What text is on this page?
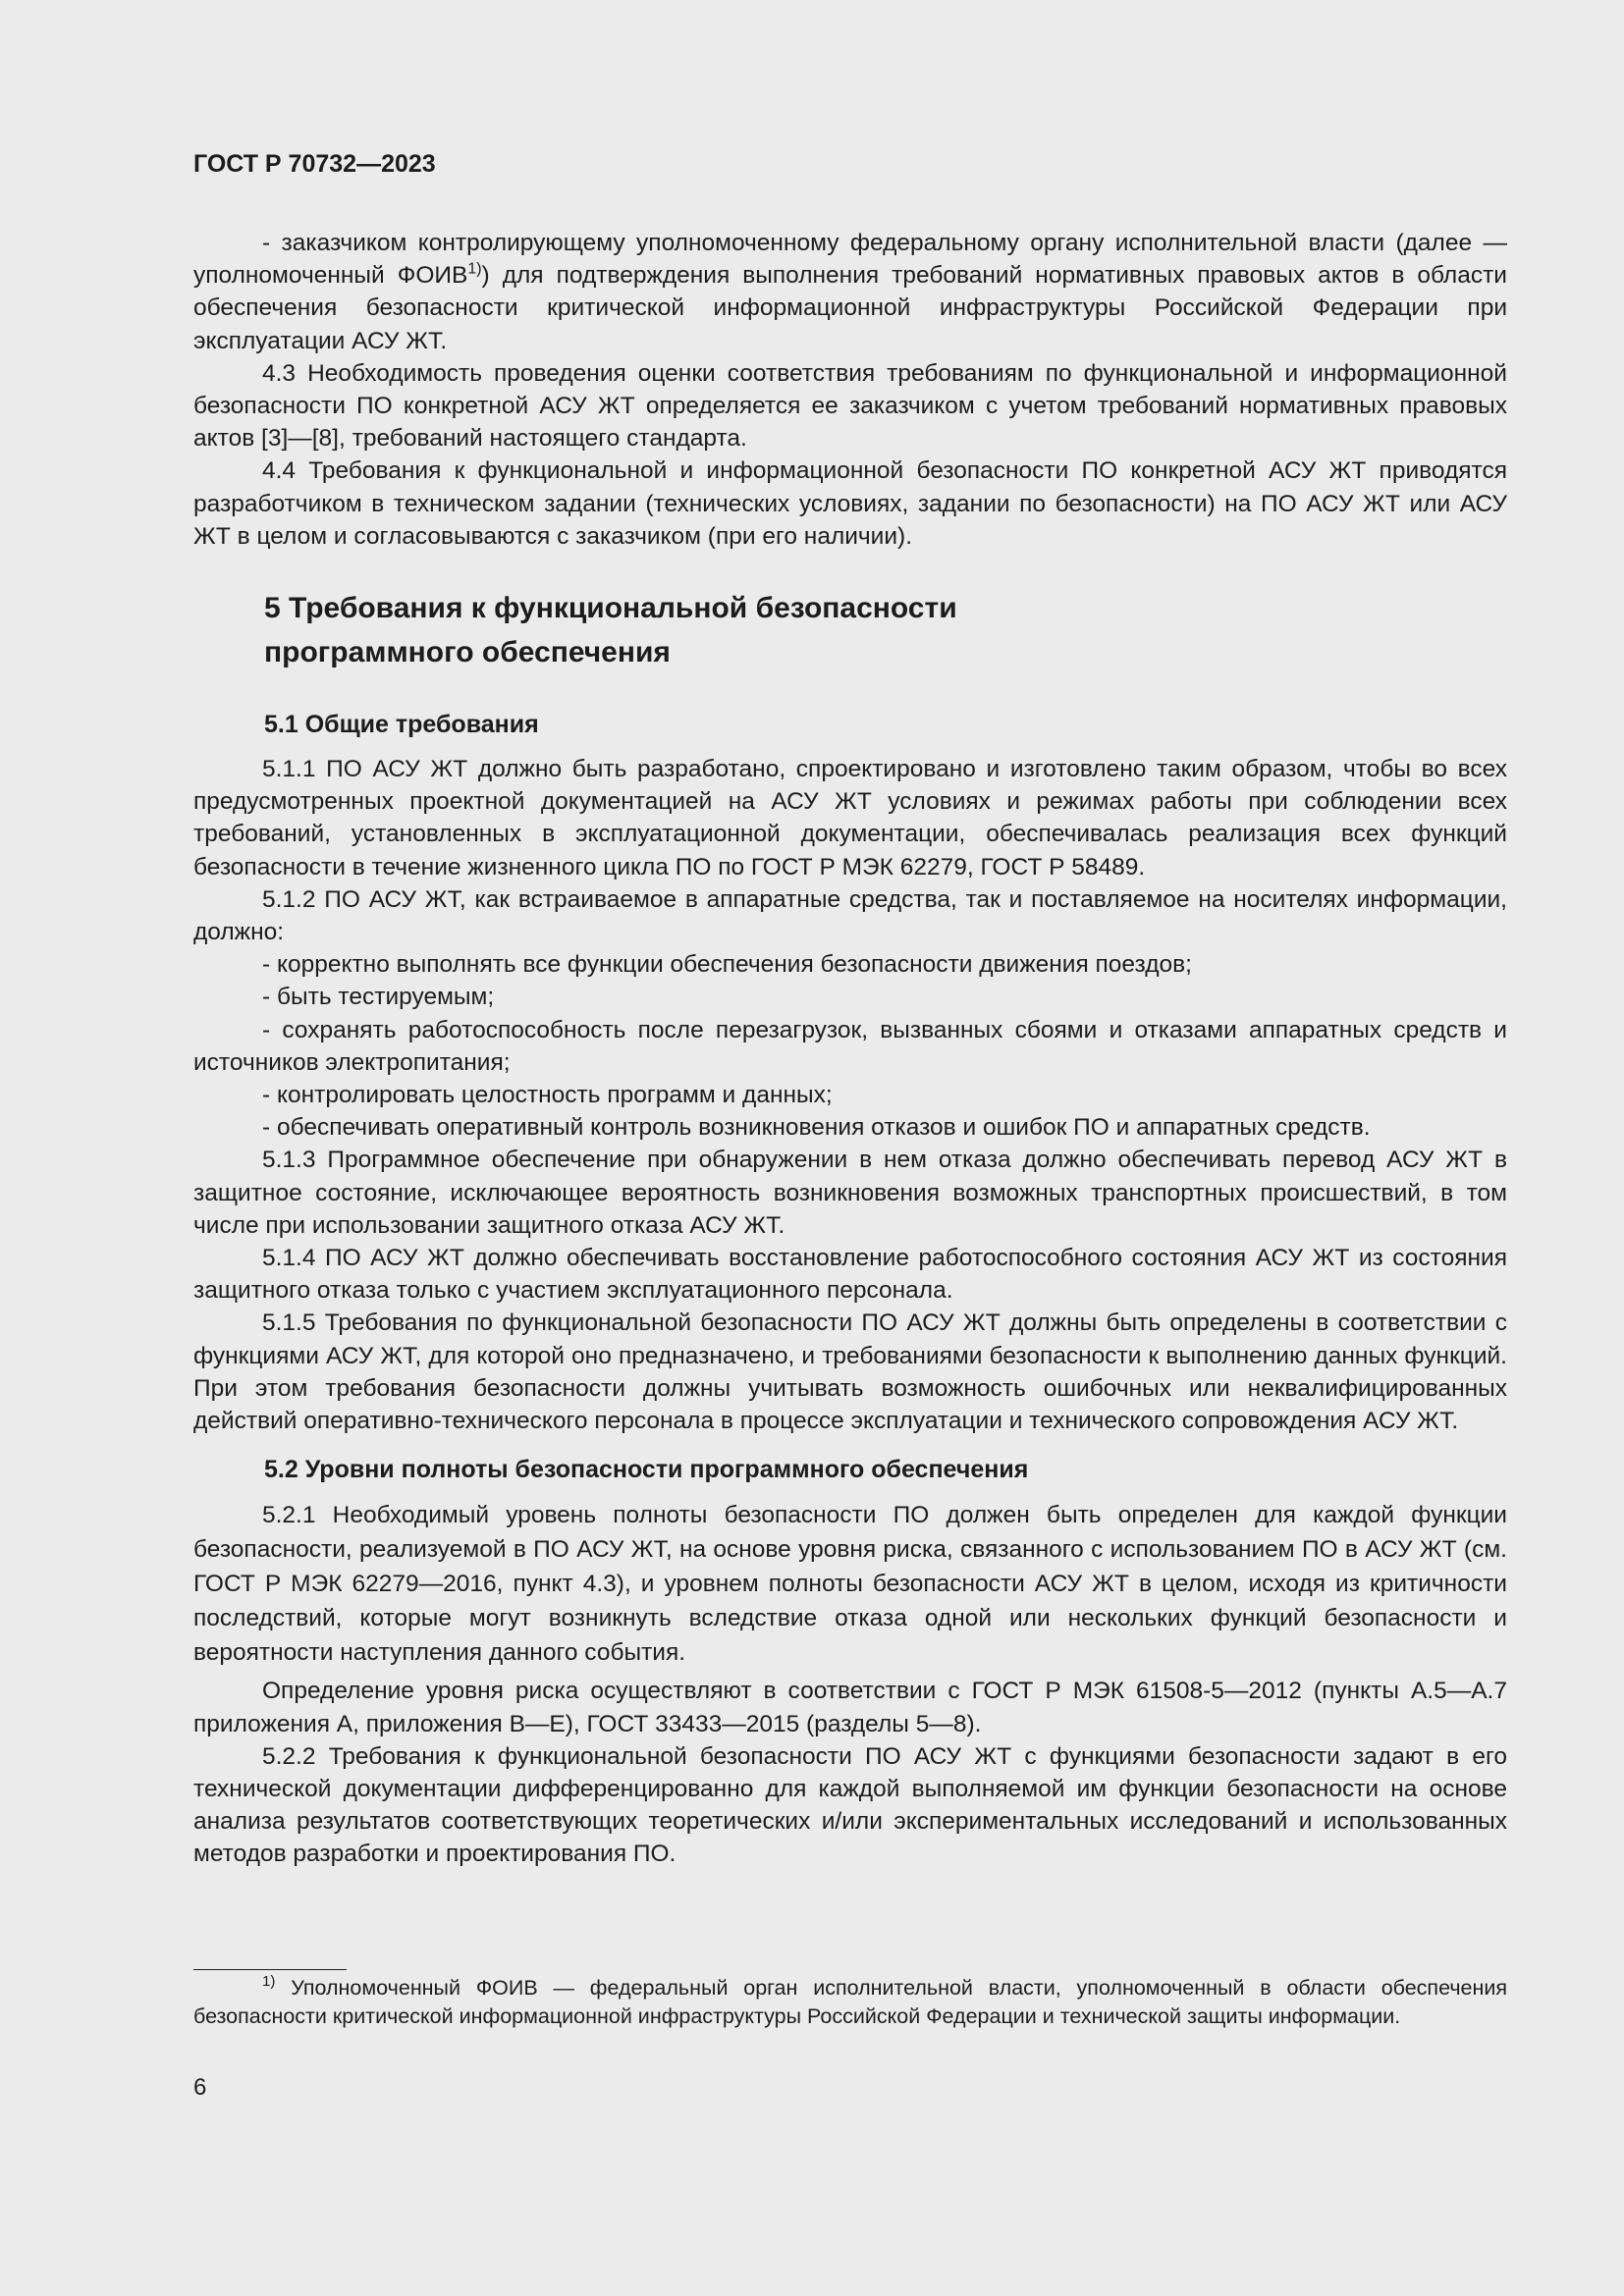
ГОСТ Р 70732—2023

- заказчиком контролирующему уполномоченному федеральному органу исполнительной власти (далее — уполномоченный ФОИВ$^{1)}$) для подтверждения выполнения требований нормативных правовых актов в области обеспечения безопасности критической информационной инфраструктуры Российской Федерации при эксплуатации АСУ ЖТ.

4.3 Необходимость проведения оценки соответствия требованиям по функциональной и информационной безопасности ПО конкретной АСУ ЖТ определяется ее заказчиком с учетом требований нормативных правовых актов [3]—[8], требований настоящего стандарта.

4.4 Требования к функциональной и информационной безопасности ПО конкретной АСУ ЖТ приводятся разработчиком в техническом задании (технических условиях, задании по безопасности) на ПО АСУ ЖТ или АСУ ЖТ в целом и согласовываются с заказчиком (при его наличии).

5 Требования к функциональной безопасности
программного обеспечения
5.1 Общие требования

5.1.1 ПО АСУ ЖТ должно быть разработано, спроектировано и изготовлено таким образом, чтобы во всех предусмотренных проектной документацией на АСУ ЖТ условиях и режимах работы при соблюдении всех требований, установленных в эксплуатационной документации, обеспечивалась реализация всех функций безопасности в течение жизненного цикла ПО по ГОСТ Р МЭК 62279, ГОСТ Р 58489.

5.1.2 ПО АСУ ЖТ, как встраиваемое в аппаратные средства, так и поставляемое на носителях информации, должно:

- корректно выполнять все функции обеспечения безопасности движения поездов;

- быть тестируемым;

- сохранять работоспособность после перезагрузок, вызванных сбоями и отказами аппаратных средств и источников электропитания;

- контролировать целостность программ и данных;

- обеспечивать оперативный контроль возникновения отказов и ошибок ПО и аппаратных средств.

5.1.3 Программное обеспечение при обнаружении в нем отказа должно обеспечивать перевод АСУ ЖТ в защитное состояние, исключающее вероятность возникновения возможных транспортных происшествий, в том числе при использовании защитного отказа АСУ ЖТ.

5.1.4 ПО АСУ ЖТ должно обеспечивать восстановление работоспособного состояния АСУ ЖТ из состояния защитного отказа только с участием эксплуатационного персонала.

5.1.5 Требования по функциональной безопасности ПО АСУ ЖТ должны быть определены в соответствии с функциями АСУ ЖТ, для которой оно предназначено, и требованиями безопасности к выполнению данных функций. При этом требования безопасности должны учитывать возможность ошибочных или неквалифицированных действий оперативно-технического персонала в процессе эксплуатации и технического сопровождения АСУ ЖТ.

5.2 Уровни полноты безопасности программного обеспечения

5.2.1 Необходимый уровень полноты безопасности ПО должен быть определен для каждой функции безопасности, реализуемой в ПО АСУ ЖТ, на основе уровня риска, связанного с использованием ПО в АСУ ЖТ (см. ГОСТ Р МЭК 62279—2016, пункт 4.3), и уровнем полноты безопасности АСУ ЖТ в целом, исходя из критичности последствий, которые могут возникнуть вследствие отказа одной или нескольких функций безопасности и вероятности наступления данного события.

Определение уровня риска осуществляют в соответствии с ГОСТ Р МЭК 61508-5—2012 (пункты А.5—А.7 приложения А, приложения В—Е), ГОСТ 33433—2015 (разделы 5—8).

5.2.2 Требования к функциональной безопасности ПО АСУ ЖТ с функциями безопасности задают в его технической документации дифференцированно для каждой выполняемой им функции безопасности на основе анализа результатов соответствующих теоретических и/или экспериментальных исследований и использованных методов разработки и проектирования ПО.

$^{1)}$ Уполномоченный ФОИВ — федеральный орган исполнительной власти, уполномоченный в области обеспечения безопасности критической информационной инфраструктуры Российской Федерации и технической защиты информации.
6
